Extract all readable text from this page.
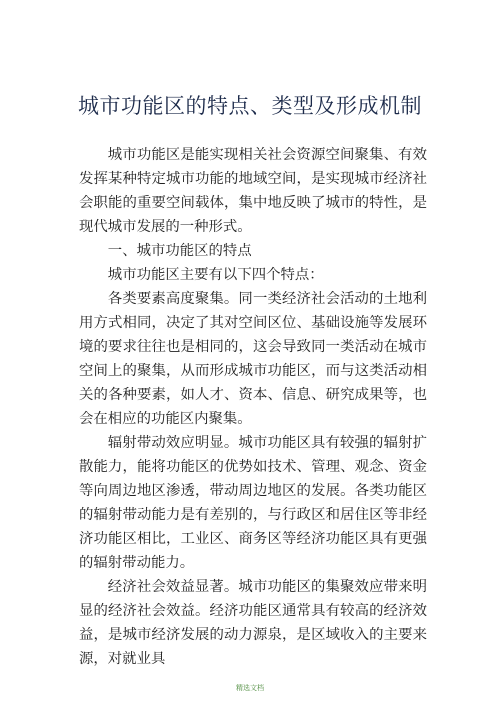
城市功能区的特点、类型及形成机制

城市功能区是能实现相关社会资源空间聚集、有效发挥某种特定城市功能的地域空间，是实现城市经济社会职能的重要空间载体，集中地反映了城市的特性，是现代城市发展的一种形式。

一、城市功能区的特点

城市功能区主要有以下四个特点：

各类要素高度聚集。同一类经济社会活动的土地利用方式相同，决定了其对空间区位、基础设施等发展环境的要求往往也是相同的，这会导致同一类活动在城市空间上的聚集，从而形成城市功能区，而与这类活动相关的各种要素，如人才、资本、信息、研究成果等，也会在相应的功能区内聚集。

辐射带动效应明显。城市功能区具有较强的辐射扩散能力，能将功能区的优势如技术、管理、观念、资金等向周边地区渗透，带动周边地区的发展。各类功能区的辐射带动能力是有差别的，与行政区和居住区等非经济功能区相比，工业区、商务区等经济功能区具有更强的辐射带动能力。

经济社会效益显著。城市功能区的集聚效应带来明显的经济社会效益。经济功能区通常具有较高的经济效益，是城市经济发展的动力源泉，是区域收入的主要来源，对就业具

精选文档
